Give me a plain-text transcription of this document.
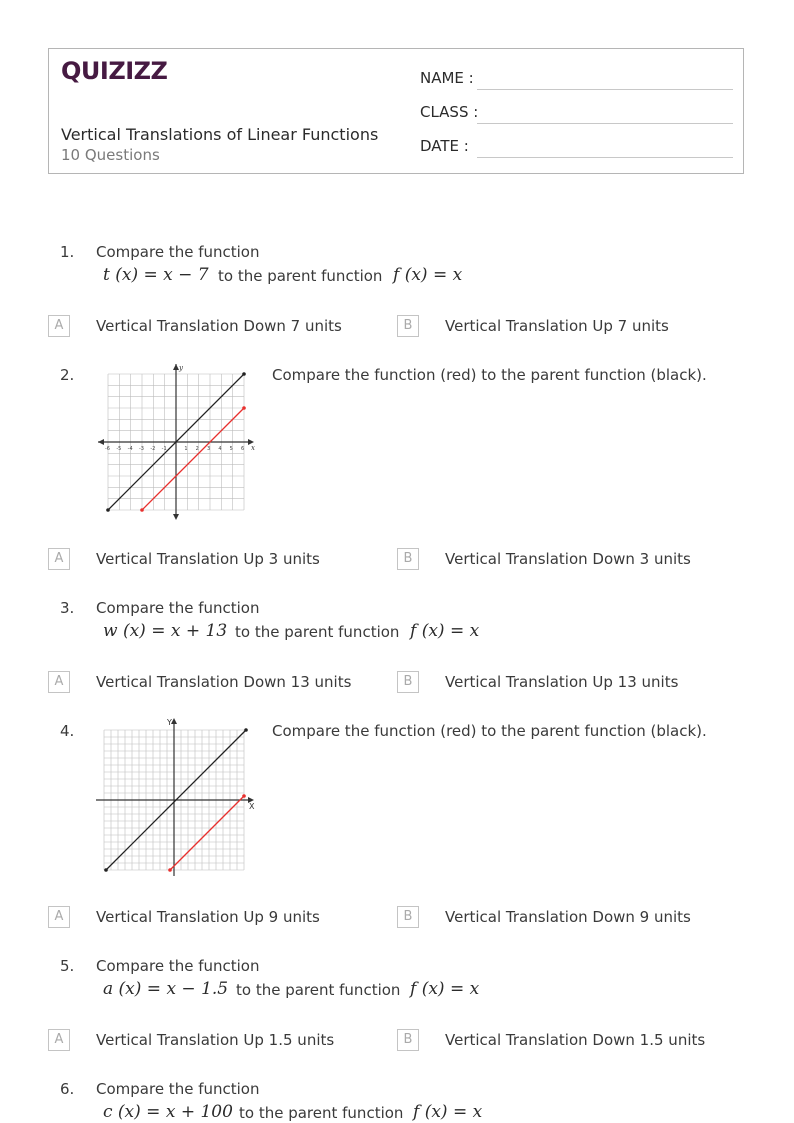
QUIZIZZ
Vertical Translations of Linear Functions
10 Questions
NAME :
CLASS :
DATE :
1. Compare the function
t (x) = x − 7 to the parent function f (x) = x
A	Vertical Translation Down 7 units	B	Vertical Translation Up 7 units
2.
x
y
-6 -5 -4 -3 -2 -1	1 2 3 4 5 6
Compare the function (red) to the parent function (black).
A	Vertical Translation Up 3 units	B	Vertical Translation Down 3 units
3. Compare the function
w (x) = x + 13 to the parent function f (x) = x
A	Vertical Translation Down 13 units	B	Vertical Translation Up 13 units
4.
X
Y	Compare the function (red) to the parent function (black).
A	Vertical Translation Up 9 units	B	Vertical Translation Down 9 units
5. Compare the function
a (x) = x − 1.5 to the parent function f (x) = x
A	Vertical Translation Up 1.5 units	B	Vertical Translation Down 1.5 units
6. Compare the function
c (x) = x + 100 to the parent function f (x) = x
